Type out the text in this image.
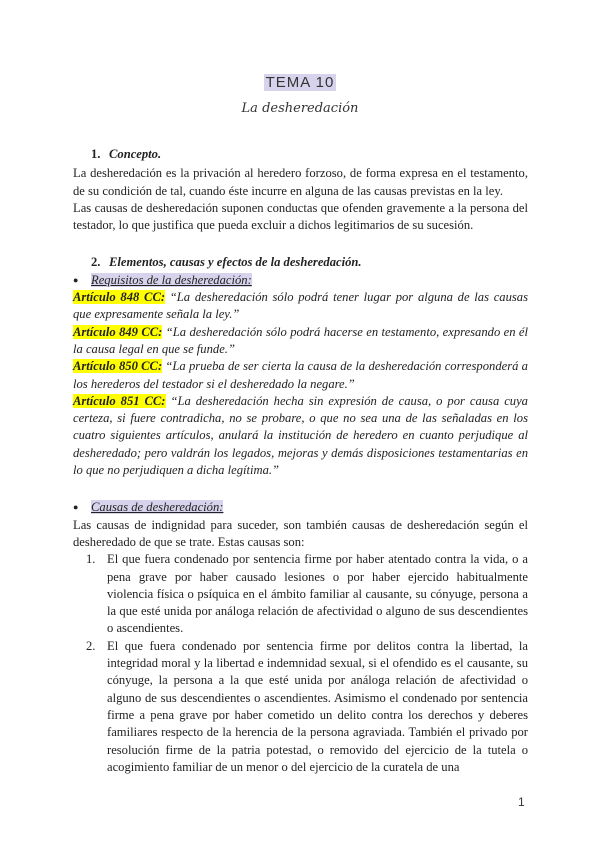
TEMA 10
La desheredación

1. Concepto.

La desheredación es la privación al heredero forzoso, de forma expresa en el testamento, de su condición de tal, cuando éste incurre en alguna de las causas previstas en la ley.

Las causas de desheredación suponen conductas que ofenden gravemente a la persona del testador, lo que justifica que pueda excluir a dichos legitimarios de su sucesión.

2. Elementos, causas y efectos de la desheredación.

● Requisitos de la desheredación:

Artículo 848 CC: “La desheredación sólo podrá tener lugar por alguna de las causas que expresamente señala la ley.”

Artículo 849 CC: “La desheredación sólo podrá hacerse en testamento, expresando en él la causa legal en que se funde.”

Artículo 850 CC: “La prueba de ser cierta la causa de la desheredación corresponderá a los herederos del testador si el desheredado la negare.”

Artículo 851 CC: “La desheredación hecha sin expresión de causa, o por causa cuya certeza, si fuere contradicha, no se probare, o que no sea una de las señaladas en los cuatro siguientes artículos, anulará la institución de heredero en cuanto perjudique al desheredado; pero valdrán los legados, mejoras y demás disposiciones testamentarias en lo que no perjudiquen a dicha legítima.”

● Causas de desheredación:

Las causas de indignidad para suceder, son también causas de desheredación según el desheredado de que se trate. Estas causas son:

1. El que fuera condenado por sentencia firme por haber atentado contra la vida, o a pena grave por haber causado lesiones o por haber ejercido habitualmente violencia física o psíquica en el ámbito familiar al causante, su cónyuge, persona a la que esté unida por análoga relación de afectividad o alguno de sus descendientes o ascendientes.
2. El que fuera condenado por sentencia firme por delitos contra la libertad, la integridad moral y la libertad e indemnidad sexual, si el ofendido es el causante, su cónyuge, la persona a la que esté unida por análoga relación de afectividad o alguno de sus descendientes o ascendientes. Asimismo el condenado por sentencia firme a pena grave por haber cometido un delito contra los derechos y deberes familiares respecto de la herencia de la persona agraviada. También el privado por resolución firme de la patria potestad, o removido del ejercicio de la tutela o acogimiento familiar de un menor o del ejercicio de la curatela de una
1
